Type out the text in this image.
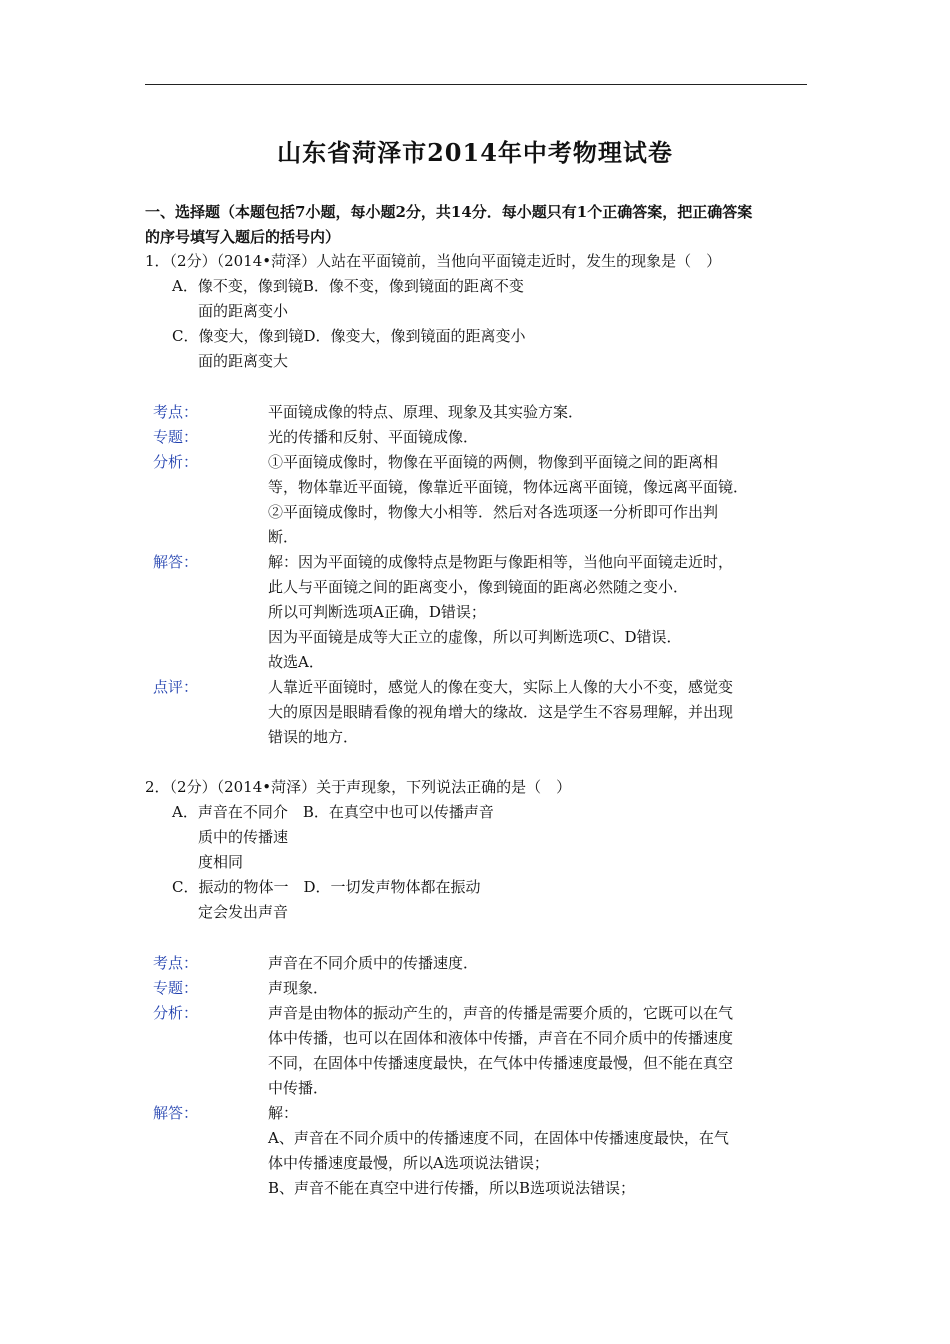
山东省菏泽市2014年中考物理试卷
一、选择题（本题包括7小题，每小题2分，共14分．每小题只有1个正确答案，把正确答案
的序号填写入题后的括号内）
1．（2分）（2014•菏泽）人站在平面镜前，当他向平面镜走近时，发生的现象是（　）
A．像不变，像到镜B．像不变，像到镜面的距离不变
面的距离变小
C．像变大，像到镜D．像变大，像到镜面的距离变小
面的距离变大
考点：	平面镜成像的特点、原理、现象及其实验方案．
专题：	光的传播和反射、平面镜成像．
分析：	①平面镜成像时，物像在平面镜的两侧，物像到平面镜之间的距离相
等，物体靠近平面镜，像靠近平面镜，物体远离平面镜，像远离平面镜．
②平面镜成像时，物像大小相等．然后对各选项逐一分析即可作出判
断．
解答：	解：因为平面镜的成像特点是物距与像距相等，当他向平面镜走近时，
此人与平面镜之间的距离变小，像到镜面的距离必然随之变小．
所以可判断选项A正确，D错误；
因为平面镜是成等大正立的虚像，所以可判断选项C、D错误．
故选A．
点评：	人靠近平面镜时，感觉人的像在变大，实际上人像的大小不变，感觉变
大的原因是眼睛看像的视角增大的缘故．这是学生不容易理解，并出现
错误的地方．
2．（2分）（2014•菏泽）关于声现象，下列说法正确的是（　）
A．声音在不同介　B．在真空中也可以传播声音
质中的传播速
度相同
C．振动的物体一　D．一切发声物体都在振动
定会发出声音
考点：	声音在不同介质中的传播速度．
专题：	声现象．
分析：	声音是由物体的振动产生的，声音的传播是需要介质的，它既可以在气
体中传播，也可以在固体和液体中传播，声音在不同介质中的传播速度
不同，在固体中传播速度最快，在气体中传播速度最慢，但不能在真空
中传播．
解答：	解：
A、声音在不同介质中的传播速度不同，在固体中传播速度最快，在气
体中传播速度最慢，所以A选项说法错误；
B、声音不能在真空中进行传播，所以B选项说法错误；
